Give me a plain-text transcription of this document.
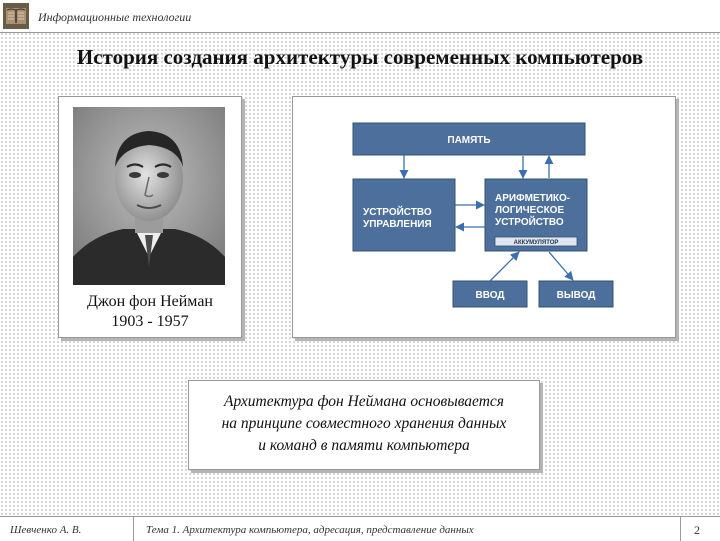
Информационные технологии
История создания архитектуры современных компьютеров
Джон фон Нейман
1903 - 1957
ПАМЯТЬ
УСТРОЙСТВО
УПРАВЛЕНИЯ
АРИФМЕТИКО-
ЛОГИЧЕСКОЕ
УСТРОЙСТВО
АККУМУЛЯТОР
ВВОД	ВЫВОД
Архитектура фон Неймана основывается
на принципе совместного хранения данных
и команд в памяти компьютера
Шевченко А. В.	Тема 1. Архитектура компьютера, адресация, представление данных	2
